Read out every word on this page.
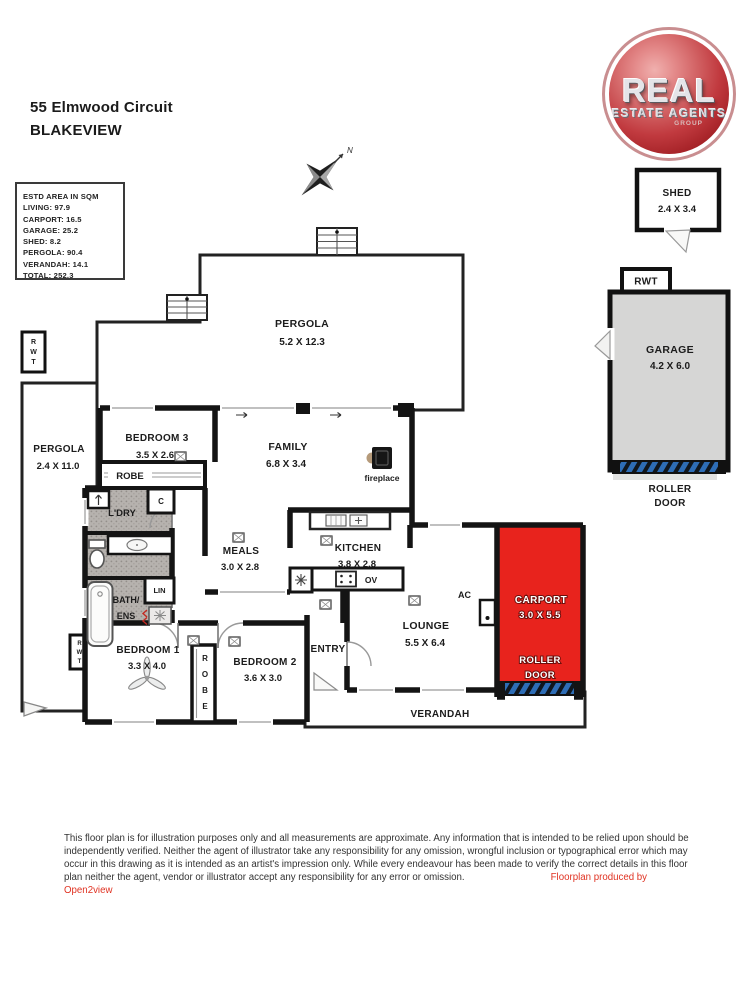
55 Elmwood Circuit
BLAKEVIEW
REAL
ESTATE AGENTS
GROUP
ESTD AREA IN SQM
LIVING: 97.9
CARPORT: 16.5
GARAGE: 25.2
SHED: 8.2
PERGOLA: 90.4
VERANDAH: 14.1
TOTAL: 252.3
R W T
R W T
ROBE
C
LIN
R O B E
OV
BEDROOM 3
3.5 X 2.6
FAMILY
6.8 X 3.4
fireplace
MEALS
3.0 X 2.8
KITCHEN
3.8 X 2.8
LOUNGE
5.5 X 6.4
BEDROOM 1
3.3 X 4.0	BEDROOM 2
3.6 X 3.0
ENTRY
L'DRY
BATH/
ENS
AC
PERGOLA
5.2 X 12.3
PERGOLA
2.4 X 11.0
VERANDAH
CARPORT
3.0 X 5.5
ROLLER
DOOR
N
SHED
2.4 X 3.4
RWT
GARAGE
4.2 X 6.0
ROLLER
DOOR
This floor plan is for illustration purposes only and all measurements are approximate. Any information that is intended to be relied upon should be independently verified. Neither the agent of illustrator take any responsibility for any omission, wrongful inclusion or typographical error which may occur in this drawing as it is intended as an artist's impression only. While every endeavour has been made to verify the correct details in this floor plan neither the agent, vendor or illustrator accept any responsibility for any error or omission.	Floorplan produced by Open2view
